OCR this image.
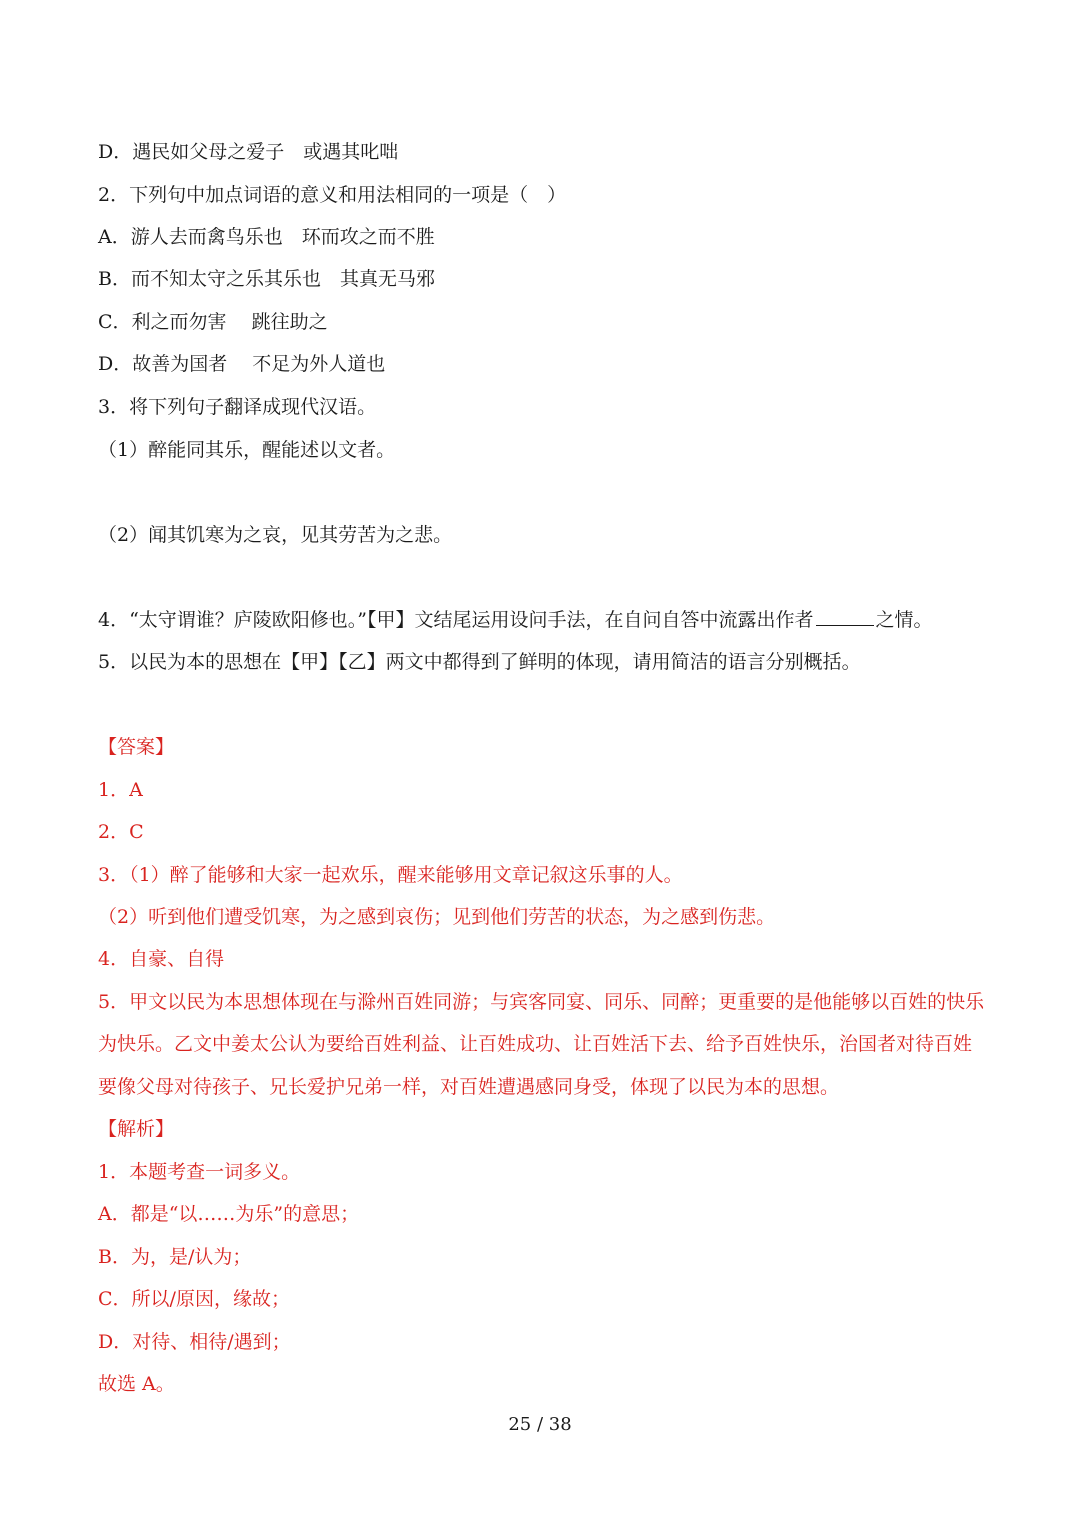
D．遇民如父母之爱子　或遇其叱咄
2．下列句中加点词语的意义和用法相同的一项是（　）
A．游人去而禽鸟乐也　环而攻之而不胜
B．而不知太守之乐其乐也　其真无马邪
C．利之而勿害　 跳往助之
D．故善为国者　 不足为外人道也
3．将下列句子翻译成现代汉语。
（1）醉能同其乐，醒能述以文者。
（2）闻其饥寒为之哀，见其劳苦为之悲。
4．“太守谓谁？庐陵欧阳修也。”【甲】文结尾运用设问手法，在自问自答中流露出作者	之情。
5．以民为本的思想在【甲】【乙】两文中都得到了鲜明的体现，请用简洁的语言分别概括。
【答案】
1．A
2．C
3．（1）醉了能够和大家一起欢乐，醒来能够用文章记叙这乐事的人。
（2）听到他们遭受饥寒，为之感到哀伤；见到他们劳苦的状态，为之感到伤悲。
4．自豪、自得
5．甲文以民为本思想体现在与滁州百姓同游；与宾客同宴、同乐、同醉；更重要的是他能够以百姓的快乐
为快乐。乙文中姜太公认为要给百姓利益、让百姓成功、让百姓活下去、给予百姓快乐，治国者对待百姓
要像父母对待孩子、兄长爱护兄弟一样，对百姓遭遇感同身受，体现了以民为本的思想。
【解析】
1．本题考查一词多义。
A．都是“以……为乐”的意思；
B．为，是/认为；
C．所以/原因，缘故；
D．对待、相待/遇到；
故选 A。
25 / 38
